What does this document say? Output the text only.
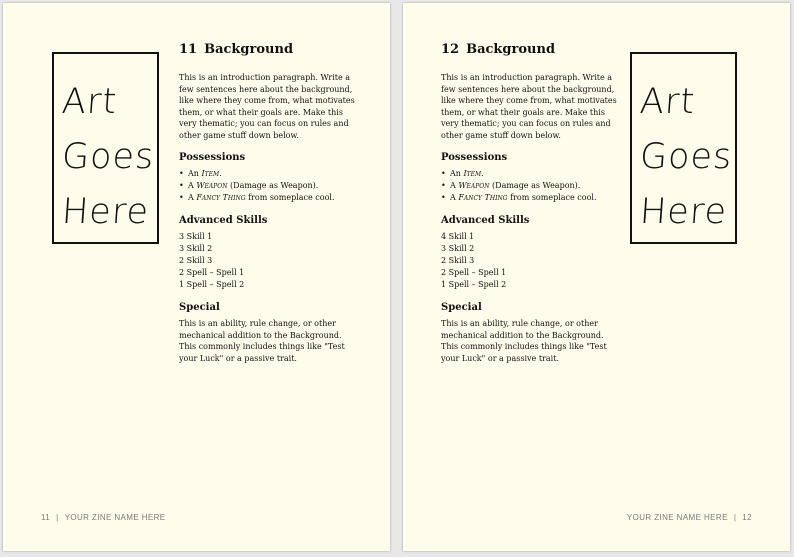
Art
Goes
Here
11 Background

This is an introduction paragraph. Write a few sentences here about the background, like where they come from, what motivates them, or what their goals are. Make this very thematic; you can focus on rules and other game stuff down below.

Possessions
• An Item.
• A Weapon (Damage as Weapon).
• A Fancy Thing from someplace cool.
Advanced Skills
3 Skill 1
3 Skill 2
2 Skill 3
2 Spell – Spell 1
1 Spell – Spell 2
Special

This is an ability, rule change, or other mechanical addition to the Background. This commonly includes things like "Test your Luck" or a passive trait.

11 | YOUR ZINE NAME HERE
Art
Goes
Here
12 Background

This is an introduction paragraph. Write a few sentences here about the background, like where they come from, what motivates them, or what their goals are. Make this very thematic; you can focus on rules and other game stuff down below.

Possessions
• An Item.
• A Weapon (Damage as Weapon).
• A Fancy Thing from someplace cool.
Advanced Skills
4 Skill 1
3 Skill 2
2 Skill 3
2 Spell – Spell 1
1 Spell – Spell 2
Special

This is an ability, rule change, or other mechanical addition to the Background. This commonly includes things like "Test your Luck" or a passive trait.

YOUR ZINE NAME HERE | 12
